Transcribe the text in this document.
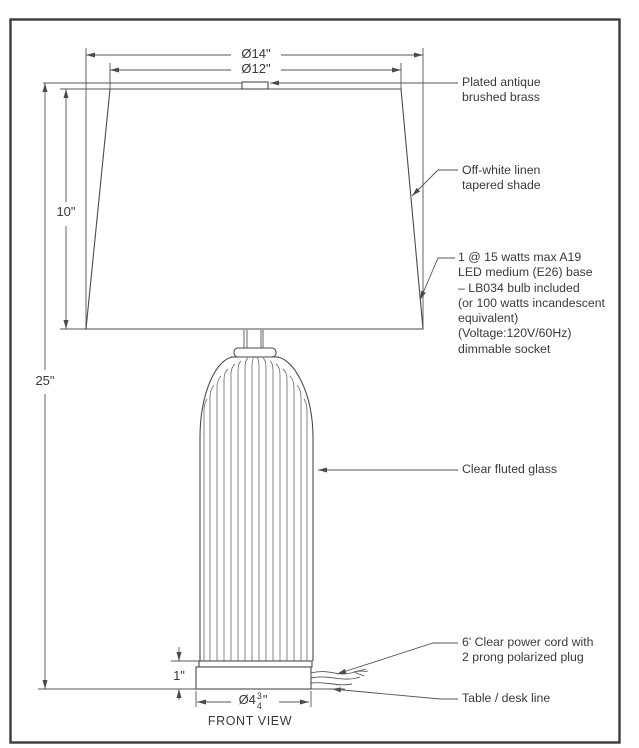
Ø14"
Ø12"
10"
25"
1"
Ø4 3
4 "
Plated antique
brushed brass
Off-white linen
tapered shade
1 @ 15 watts max A19
LED medium (E26) base
– LB034 bulb included
(or 100 watts incandescent
equivalent)
(Voltage:120V/60Hz)
dimmable socket
Clear fluted glass
6' Clear power cord with
2 prong polarized plug
Table / desk line
FRONT VIEW
